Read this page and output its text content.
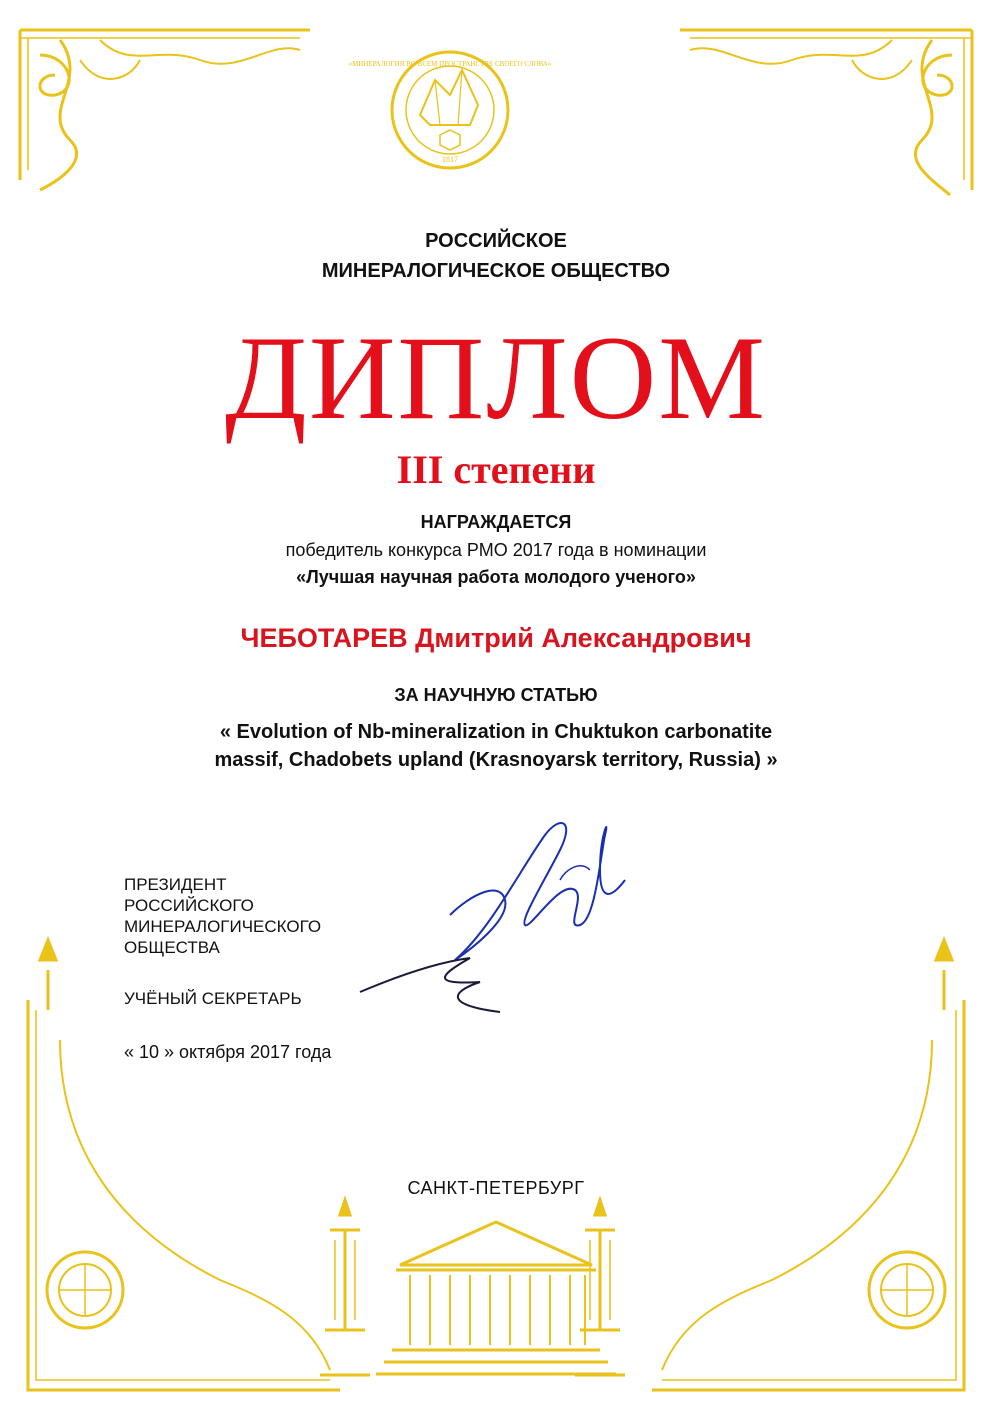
«МИНЕРАЛОГИЯ ВО ВСЕМ ПРОСТРАНСТВЕ СВОЕГО СЛОВА»
1817
РОССИЙСКОЕ
МИНЕРАЛОГИЧЕСКОЕ ОБЩЕСТВО
ДИПЛОМ
III степени
НАГРАЖДАЕТСЯ
победитель конкурса РМО 2017 года в номинации
«Лучшая научная работа молодого ученого»
ЧЕБОТАРЕВ Дмитрий Александрович
ЗА НАУЧНУЮ СТАТЬЮ
« Evolution of Nb-mineralization in Chuktukon carbonatite
massif, Chadobets upland (Krasnoyarsk territory, Russia) »
ПРЕЗИДЕНТ
РОССИЙСКОГО
МИНЕРАЛОГИЧЕСКОГО
ОБЩЕСТВА
УЧЁНЫЙ СЕКРЕТАРЬ
« 10 » октября 2017 года
САНКТ-ПЕТЕРБУРГ
